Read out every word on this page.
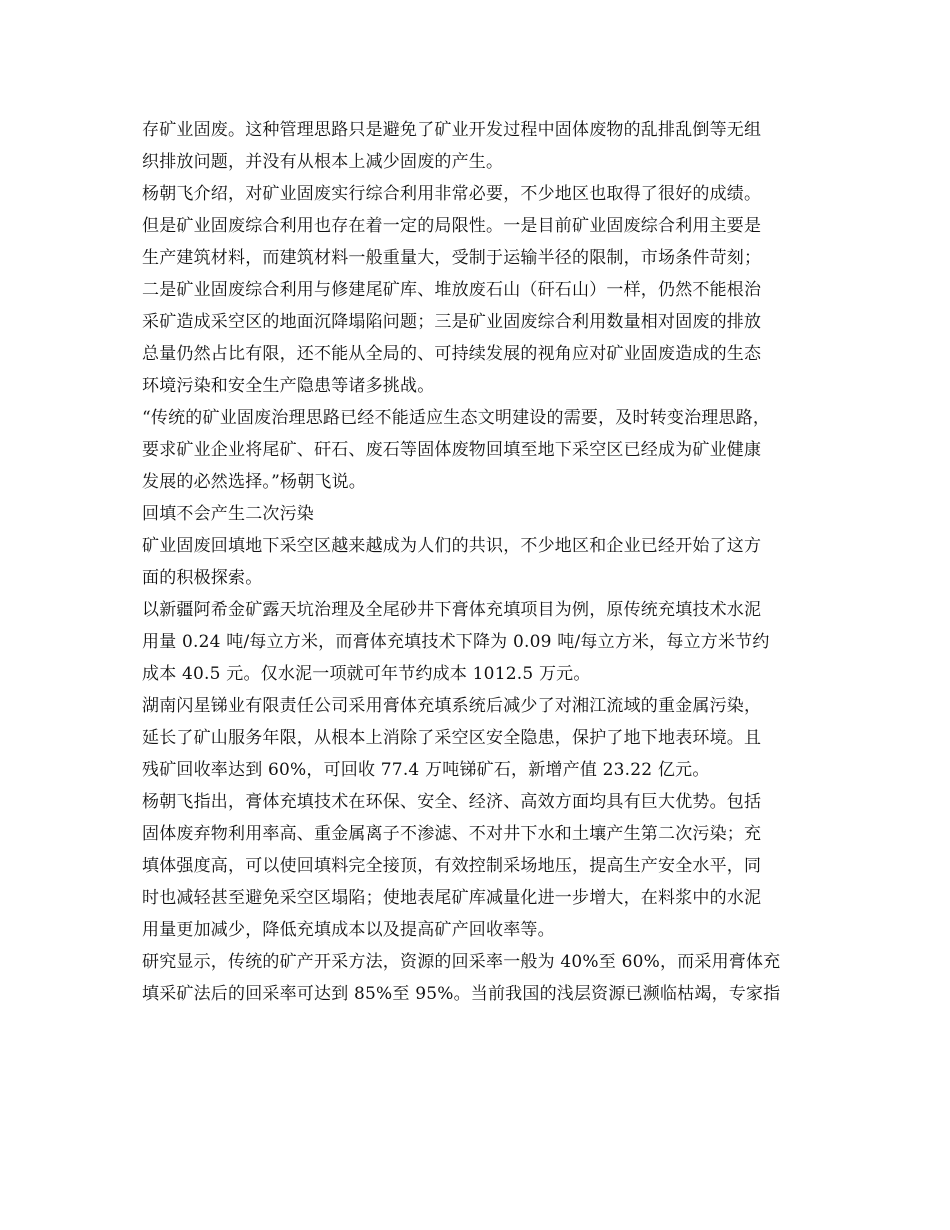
存矿业固废。这种管理思路只是避免了矿业开发过程中固体废物的乱排乱倒等无组
织排放问题，并没有从根本上减少固废的产生。
杨朝飞介绍，对矿业固废实行综合利用非常必要，不少地区也取得了很好的成绩。
但是矿业固废综合利用也存在着一定的局限性。一是目前矿业固废综合利用主要是
生产建筑材料，而建筑材料一般重量大，受制于运输半径的限制，市场条件苛刻；
二是矿业固废综合利用与修建尾矿库、堆放废石山（矸石山）一样，仍然不能根治
采矿造成采空区的地面沉降塌陷问题；三是矿业固废综合利用数量相对固废的排放
总量仍然占比有限，还不能从全局的、可持续发展的视角应对矿业固废造成的生态
环境污染和安全生产隐患等诸多挑战。
“传统的矿业固废治理思路已经不能适应生态文明建设的需要，及时转变治理思路，
要求矿业企业将尾矿、矸石、废石等固体废物回填至地下采空区已经成为矿业健康
发展的必然选择。”杨朝飞说。
回填不会产生二次污染
矿业固废回填地下采空区越来越成为人们的共识，不少地区和企业已经开始了这方
面的积极探索。
以新疆阿希金矿露天坑治理及全尾砂井下膏体充填项目为例，原传统充填技术水泥
用量 0.24 吨/每立方米，而膏体充填技术下降为 0.09 吨/每立方米，每立方米节约
成本 40.5 元。仅水泥一项就可年节约成本 1012.5 万元。
湖南闪星锑业有限责任公司采用膏体充填系统后减少了对湘江流域的重金属污染，
延长了矿山服务年限，从根本上消除了采空区安全隐患，保护了地下地表环境。且
残矿回收率达到 60%，可回收 77.4 万吨锑矿石，新增产值 23.22 亿元。
杨朝飞指出，膏体充填技术在环保、安全、经济、高效方面均具有巨大优势。包括
固体废弃物利用率高、重金属离子不渗滤、不对井下水和土壤产生第二次污染；充
填体强度高，可以使回填料完全接顶，有效控制采场地压，提高生产安全水平，同
时也减轻甚至避免采空区塌陷；使地表尾矿库减量化进一步增大，在料浆中的水泥
用量更加减少，降低充填成本以及提高矿产回收率等。
研究显示，传统的矿产开采方法，资源的回采率一般为 40%至 60%，而采用膏体充
填采矿法后的回采率可达到 85%至 95%。当前我国的浅层资源已濒临枯竭，专家指
